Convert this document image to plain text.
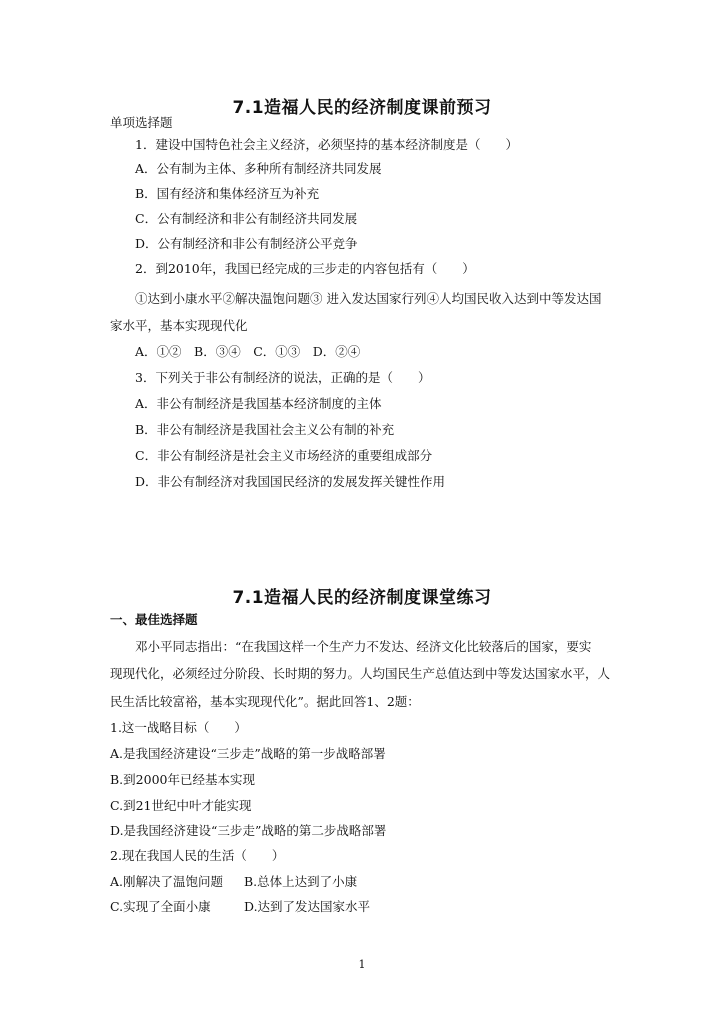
7.1造福人民的经济制度课前预习
单项选择题
1．建设中国特色社会主义经济，必须坚持的基本经济制度是（　　）
A．公有制为主体、多种所有制经济共同发展
B．国有经济和集体经济互为补充
C．公有制经济和非公有制经济共同发展
D．公有制经济和非公有制经济公平竞争
2．到2010年，我国已经完成的三步走的内容包括有（　　）
①达到小康水平②解决温饱问题③ 进入发达国家行列④人均国民收入达到中等发达国
家水平，基本实现现代化
A．①②　B．③④　C．①③　D．②④
3．下列关于非公有制经济的说法，正确的是（　　）
A．非公有制经济是我国基本经济制度的主体
B．非公有制经济是我国社会主义公有制的补充
C．非公有制经济是社会主义市场经济的重要组成部分
D．非公有制经济对我国国民经济的发展发挥关键性作用
7.1造福人民的经济制度课堂练习
一、最佳选择题
邓小平同志指出：“在我国这样一个生产力不发达、经济文化比较落后的国家，要实
现现代化，必须经过分阶段、长时期的努力。人均国民生产总值达到中等发达国家水平，人
民生活比较富裕，基本实现现代化”。据此回答1、2题：
1.这一战略目标（　　）
A.是我国经济建设“三步走”战略的第一步战略部署
B.到2000年已经基本实现
C.到21世纪中叶才能实现
D.是我国经济建设“三步走”战略的第二步战略部署
2.现在我国人民的生活（　　）
A.刚解决了温饱问题 B.总体上达到了小康
C.实现了全面小康	D.达到了发达国家水平
1
